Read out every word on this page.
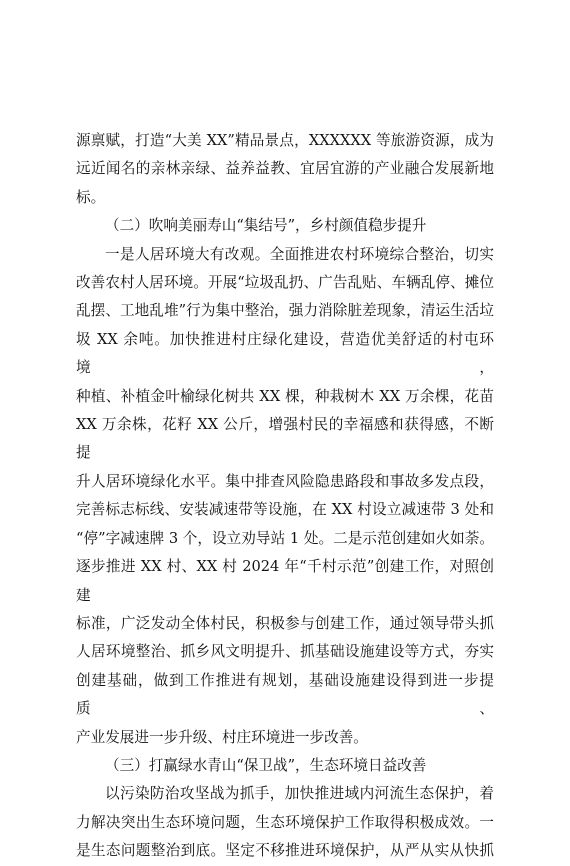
源禀赋，打造“大美 XX”精品景点，XXXXXX 等旅游资源，成为
远近闻名的亲林亲绿、益养益教、宜居宜游的产业融合发展新地
标。
（二）吹响美丽寿山“集结号”，乡村颜值稳步提升
一是人居环境大有改观。全面推进农村环境综合整治，切实
改善农村人居环境。开展“垃圾乱扔、广告乱贴、车辆乱停、摊位
乱摆、工地乱堆”行为集中整治，强力消除脏差现象，清运生活垃
圾 XX 余吨。加快推进村庄绿化建设，营造优美舒适的村屯环境，
种植、补植金叶榆绿化树共 XX 棵，种栽树木 XX 万余棵，花苗
XX 万余株，花籽 XX 公斤，增强村民的幸福感和获得感，不断提
升人居环境绿化水平。集中排查风险隐患路段和事故多发点段，
完善标志标线、安装减速带等设施，在 XX 村设立减速带 3 处和
“停”字减速牌 3 个，设立劝导站 1 处。二是示范创建如火如荼。
逐步推进 XX 村、XX 村 2024 年“千村示范”创建工作，对照创建
标准，广泛发动全体村民，积极参与创建工作，通过领导带头抓
人居环境整治、抓乡风文明提升、抓基础设施建设等方式，夯实
创建基础，做到工作推进有规划，基础设施建设得到进一步提质、
产业发展进一步升级、村庄环境进一步改善。
（三）打赢绿水青山“保卫战”，生态环境日益改善
以污染防治攻坚战为抓手，加快推进域内河流生态保护，着
力解决突出生态环境问题，生态环境保护工作取得积极成效。一
是生态问题整治到底。坚定不移推进环境保护，从严从实从快抓
